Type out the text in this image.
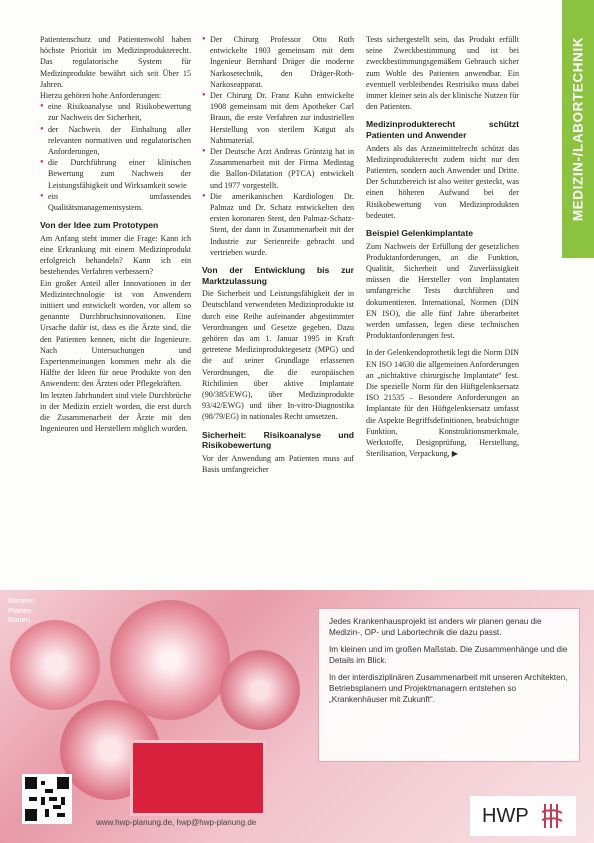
MEDIZIN-/LABORTECHNIK

Patientenschutz und Patientenwohl haben höchste Priorität im Medizinprodukterecht. Das regulatorische System für Medizinprodukte bewährt sich seit Über 15 Jahren.

Hierzu gehören hohe Anforderungen:

● eine Risikoanalyse und Risikobewertung zur Nachweis der Sicherheit,
● der Nachweis der Einhaltung aller relevanten normativen und regulatorischen Anforderungen,
● die Durchführung einer klinischen Bewertung zum Nachweis der Leistungsfähigkeit und Wirksamkeit sowie
● ein umfassendes Qualitätsmanagementsystem.
Von der Idee zum Prototypen

Am Anfang steht immer die Frage: Kann ich eine Erkrankung mit einem Medizinprodukt erfolgreich behandeln? Kann ich ein bestehendes Verfahren verbessern?

Ein großer Anteil aller Innovationen in der Medizintechnologie ist von Anwendern initiiert und entwickelt worden, vor allem so genannte Durchbruchsinnovationen. Eine Ursache dafür ist, dass es die Ärzte sind, die den Patienten kennen, nicht die Ingenieure. Nach Untersuchungen und Expertenmeinungen kommen mehr als die Hälfte der Ideen für neue Produkte von den Anwendern: den Ärzten oder Pflegekräften.

Im letzten Jahrhundert sind viele Durchbrüche in der Medizin erzielt worden, die erst durch die Zusammenarbeit der Ärzte mit den Ingenieuren und Herstellern möglich wurden.

● Der Chirurg Professor Otto Roth entwickelte 1903 gemeinsam mit dem Ingenieur Bernhard Dräger die moderne Narkosetechnik, den Dräger-Roth-Narkoseapparat.
● Der Chirurg Dr. Franz Kuhn entwickelte 1908 gemeinsam mit dem Apotheker Carl Braun, die erste Verfahren zur industriellen Herstellung von sterilem Katgut als Nahtmaterial.
● Der Deutsche Arzt Andreas Grüntzig hat in Zusammenarbeit mit der Firma Medintag die Ballon-Dilatation (PTCA) entwickelt und 1977 vorgestellt.
● Die amerikanischen Kardiologen Dr. Palmaz und Dr. Schatz entwickelten den ersten koronaren Stent, den Palmaz-Schatz-Stent, der dann in Zusammenarbeit mit der Industrie zur Serienreife gebracht und vertrieben wurde.
Von der Entwicklung bis zur Marktzulassung

Die Sicherheit und Leistungsfähigkeit der in Deutschland verwendeten Medizinprodukte ist durch eine Reihe aufeinander abgestimmter Verordnungen und Gesetze gegeben. Dazu gehören das am 1. Januar 1995 in Kraft getretene Medizinproduktegesetz (MPG) und die auf seiner Grundlage erlassenen Verordnungen, die die europäischen Richtlinien über aktive Implantate (90/385/EWG), über Medizinprodukte 93/42/EWG) und über In-vitro-Diagnostika (98/79/EG) in nationales Recht umsetzen.

Sicherheit: Risikoanalyse und Risikobewertung

Vor der Anwendung am Patienten muss auf Basis umfangreicher

Tests sichergestellt sein, das Produkt erfüllt seine Zweckbestimmung und ist bei zweckbestimmungsgemäßem Gebrauch sicher zum Wohle des Patienten anwendbar. Ein eventuell verbleibendes Restrisiko muss dabei immer kleiner sein als der klinische Nutzen für den Patienten.

Medizinprodukterecht schützt Patienten und Anwender

Anders als das Arzneimittelrecht schützt das Medizinprodukterecht zudem nicht nur den Patienten, sondern auch Anwender und Dritte. Der Schutzbereich ist also weiter gesteckt, was einen höheren Aufwand bei der Risikobewertung von Medizinprodukten bedeutet.

Beispiel Gelenkimplantate

Zum Nachweis der Erfüllung der gesetzlichen Produktanforderungen, an die Funktion, Qualität, Sicherheit und Zuverlässigkeit müssen die Hersteller von Implantaten umfangreiche Tests durchführen und dokumentieren. International, Normen (DIN EN ISO), die alle fünf Jahre überarbeitet werden umfassen, legen diese technischen Produktanforderungen fest.

In der Gelenkendoprothetik legt die Norm DIN EN ISO 14630 die allgemeinen Anforderungen an „nichtaktive chirurgische Implantate“ fest. Die spezielle Norm für den Hüftgelenksersatz ISO 21535 – Besondere Anforderungen an Implantate für den Hüftgelenksersatz umfasst die Aspekte Begriffsdefinitionen, beabsichtigte Funktion, Konstruktionsmerkmale, Werkstoffe, Designprüfung, Herstellung, Sterilisation, Verpackung, ▶

Beraten.
Planen.
Bauen.	Jedes Krankenhausprojekt ist anders wir planen genau die Medizin-, OP- und Labortechnik die dazu passt.

Im kleinen und im großen Maßstab. Die Zusammenhänge und die Details im Blick.

In der interdisziplinären Zusammenarbeit mit unseren Architekten, Betriebsplanern und Projektmanagern entstehen so „Krankenhäuser mit Zukunft“.

www.hwp-planung.de, hwp@hwp-planung.de	HWP
